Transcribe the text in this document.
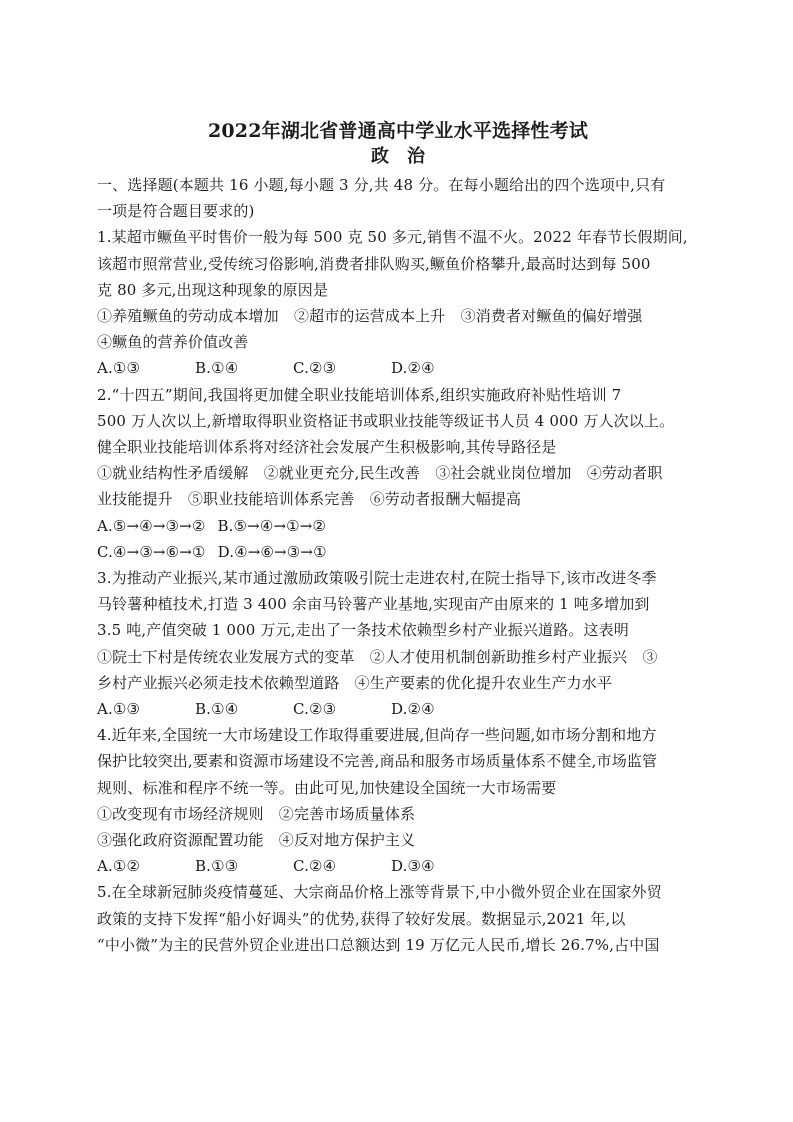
2022年湖北省普通高中学业水平选择性考试
政治

一、选择题(本题共 16 小题,每小题 3 分,共 48 分。在每小题给出的四个选项中,只有

一项是符合题目要求的)

1.某超市鳜鱼平时售价一般为每 500 克 50 多元,销售不温不火。2022 年春节长假期间,

该超市照常营业,受传统习俗影响,消费者排队购买,鳜鱼价格攀升,最高时达到每 500

克 80 多元,出现这种现象的原因是

①养殖鳜鱼的劳动成本增加　②超市的运营成本上升　③消费者对鳜鱼的偏好增强

④鳜鱼的营养价值改善

A.①③	B.①④	C.②③	D.②④

2.“十四五”期间,我国将更加健全职业技能培训体系,组织实施政府补贴性培训 7

500 万人次以上,新增取得职业资格证书或职业技能等级证书人员 4 000 万人次以上。

健全职业技能培训体系将对经济社会发展产生积极影响,其传导路径是

①就业结构性矛盾缓解　②就业更充分,民生改善　③社会就业岗位增加　④劳动者职

业技能提升　⑤职业技能培训体系完善　⑥劳动者报酬大幅提高

A.⑤→④→③→② B.⑤→④→①→②
C.④→③→⑥→① D.④→⑥→③→①

3.为推动产业振兴,某市通过激励政策吸引院士走进农村,在院士指导下,该市改进冬季

马铃薯种植技术,打造 3 400 余亩马铃薯产业基地,实现亩产由原来的 1 吨多增加到

3.5 吨,产值突破 1 000 万元,走出了一条技术依赖型乡村产业振兴道路。这表明

①院士下村是传统农业发展方式的变革　②人才使用机制创新助推乡村产业振兴　③

乡村产业振兴必须走技术依赖型道路　④生产要素的优化提升农业生产力水平

A.①③	B.①④	C.②③	D.②④

4.近年来,全国统一大市场建设工作取得重要进展,但尚存一些问题,如市场分割和地方

保护比较突出,要素和资源市场建设不完善,商品和服务市场质量体系不健全,市场监管

规则、标准和程序不统一等。由此可见,加快建设全国统一大市场需要

①改变现有市场经济规则　②完善市场质量体系

③强化政府资源配置功能　④反对地方保护主义

A.①②	B.①③	C.②④	D.③④

5.在全球新冠肺炎疫情蔓延、大宗商品价格上涨等背景下,中小微外贸企业在国家外贸

政策的支持下发挥“船小好调头”的优势,获得了较好发展。数据显示,2021 年,以

“中小微”为主的民营外贸企业进出口总额达到 19 万亿元人民币,增长 26.7%,占中国
